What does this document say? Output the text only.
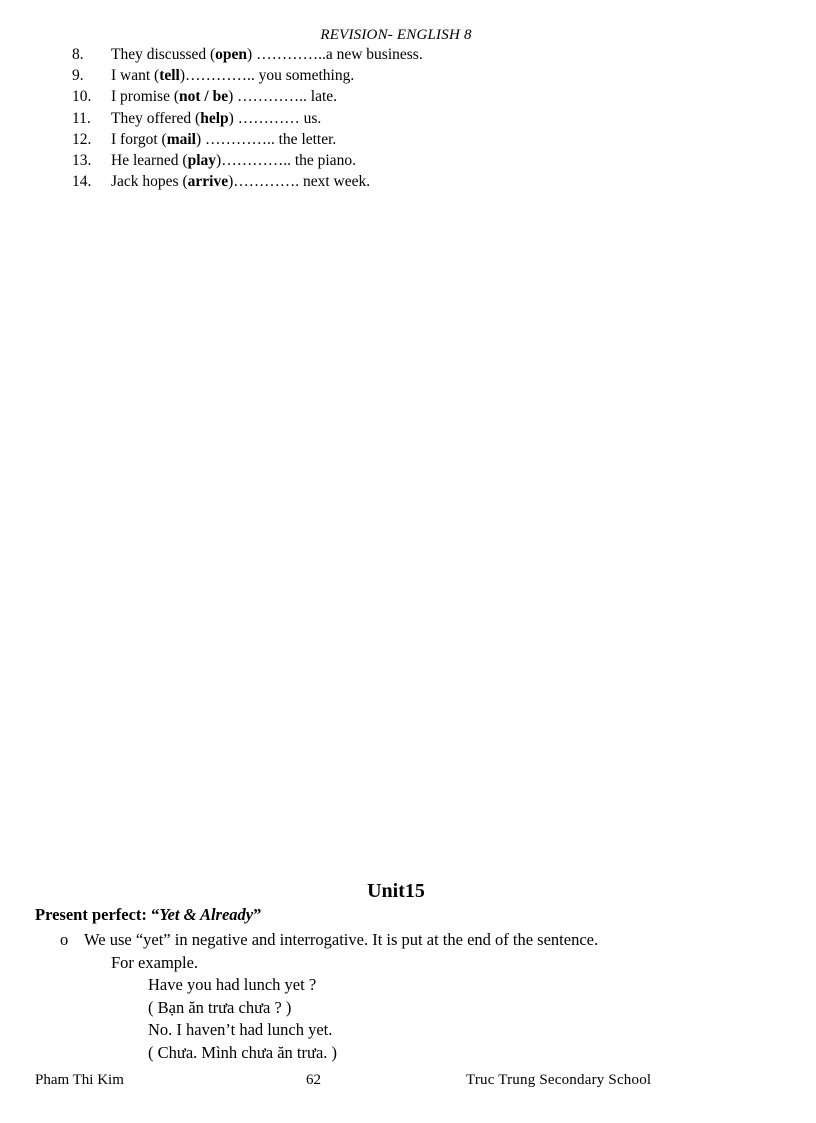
REVISION- ENGLISH 8
8.	They discussed (open) …………..a new business.
9.	I want (tell)………….. you something.
10.	I promise (not / be) ………….. late.
11.	They offered (help) ………… us.
12.	I forgot (mail) ………….. the letter.
13.	He learned (play)………….. the piano.
14.	Jack hopes (arrive)…………. next week.
Unit15
Present perfect: “Yet & Already”
o We use “yet” in negative and interrogative. It is put at the end of the sentence.
For example.
Have you had lunch yet ?
( Bạn ăn trưa chưa ? )
No. I haven’t had lunch yet.
( Chưa. Mình chưa ăn trưa. )
Pham Thi Kim	62	Truc Trung Secondary School
